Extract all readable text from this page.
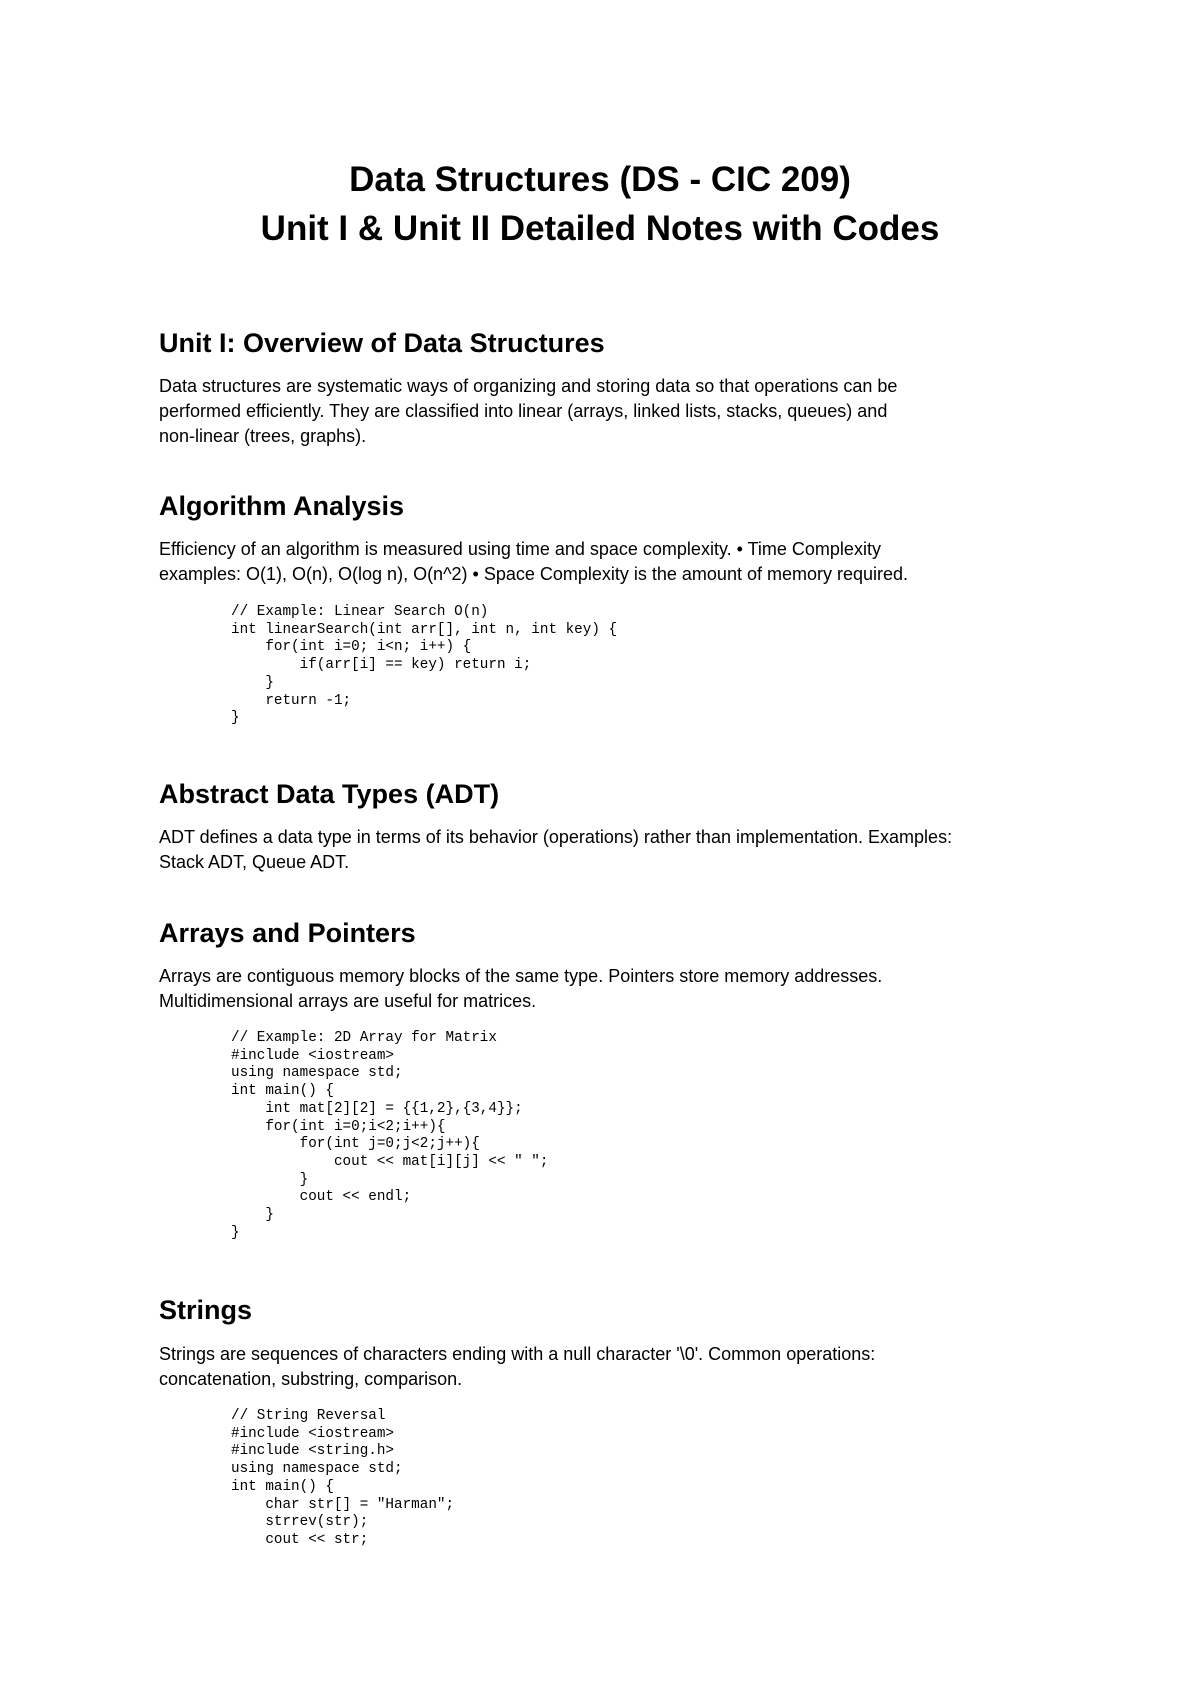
Data Structures (DS - CIC 209)
Unit I & Unit II Detailed Notes with Codes
Unit I: Overview of Data Structures

Data structures are systematic ways of organizing and storing data so that operations can be
performed efficiently. They are classified into linear (arrays, linked lists, stacks, queues) and
non-linear (trees, graphs).

Algorithm Analysis

Efficiency of an algorithm is measured using time and space complexity. • Time Complexity
examples: O(1), O(n), O(log n), O(n^2) • Space Complexity is the amount of memory required.

// Example: Linear Search O(n)
int linearSearch(int arr[], int n, int key) {
for(int i=0; i<n; i++) {
if(arr[i] == key) return i;
}
return -1;
}
Abstract Data Types (ADT)

ADT defines a data type in terms of its behavior (operations) rather than implementation. Examples:
Stack ADT, Queue ADT.

Arrays and Pointers

Arrays are contiguous memory blocks of the same type. Pointers store memory addresses.
Multidimensional arrays are useful for matrices.

// Example: 2D Array for Matrix
#include <iostream>
using namespace std;
int main() {
int mat[2][2] = {{1,2},{3,4}};
for(int i=0;i<2;i++){
for(int j=0;j<2;j++){
cout << mat[i][j] << " ";
}
cout << endl;
}
}
Strings

Strings are sequences of characters ending with a null character '\0'. Common operations:
concatenation, substring, comparison.

// String Reversal
#include <iostream>
#include <string.h>
using namespace std;
int main() {
char str[] = "Harman";
strrev(str);
cout << str;
